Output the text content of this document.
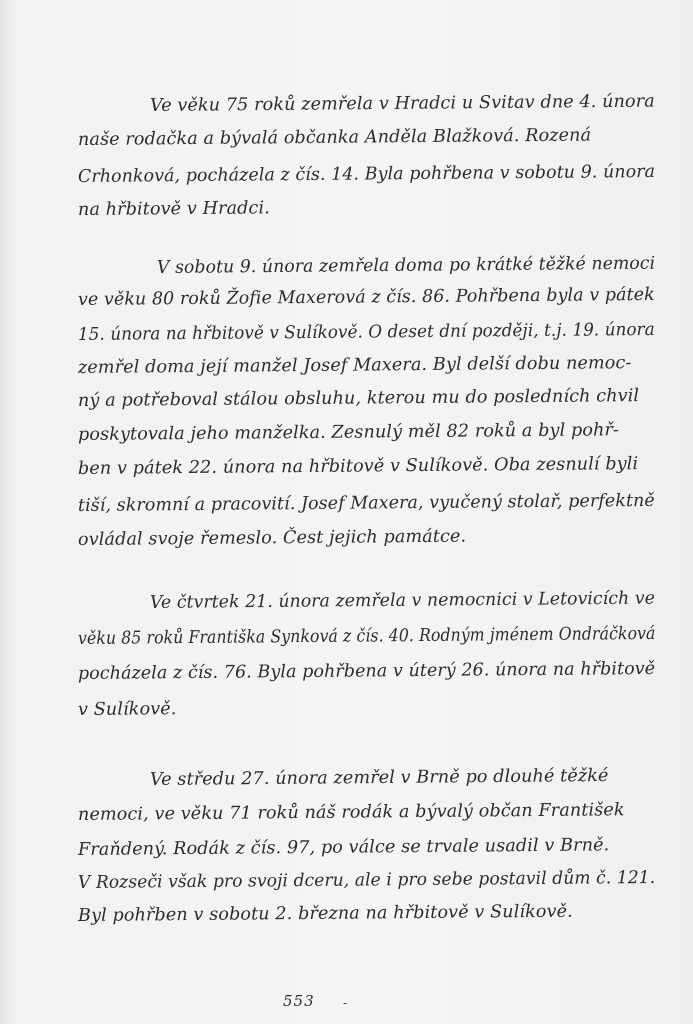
Ve věku 75 roků zemřela v Hradci u Svitav dne 4. února
naše rodačka a bývalá občanka Anděla Blažková. Rozená
Crhonková, pocházela z čís. 14. Byla pohřbena v sobotu 9. února
na hřbitově v Hradci.
V sobotu 9. února zemřela doma po krátké těžké nemoci
ve věku 80 roků Žofie Maxerová z čís. 86. Pohřbena byla v pátek
15. února na hřbitově v Sulíkově. O deset dní později, t.j. 19. února
zemřel doma její manžel Josef Maxera. Byl delší dobu nemoc-
ný a potřeboval stálou obsluhu, kterou mu do posledních chvil
poskytovala jeho manželka. Zesnulý měl 82 roků a byl pohř-
ben v pátek 22. února na hřbitově v Sulíkově. Oba zesnulí byli
tiší, skromní a pracovití. Josef Maxera, vyučený stolař, perfektně
ovládal svoje řemeslo. Čest jejich památce.
Ve čtvrtek 21. února zemřela v nemocnici v Letovicích ve
věku 85 roků Františka Synková z čís. 40. Rodným jménem Ondráčková
pocházela z čís. 76. Byla pohřbena v úterý 26. února na hřbitově
v Sulíkově.
Ve středu 27. února zemřel v Brně po dlouhé těžké
nemoci, ve věku 71 roků náš rodák a bývalý občan František
Fraňdený. Rodák z čís. 97, po válce se trvale usadil v Brně.
V Rozseči však pro svoji dceru, ale i pro sebe postavil dům č. 121.
Byl pohřben v sobotu 2. března na hřbitově v Sulíkově.
553 -
